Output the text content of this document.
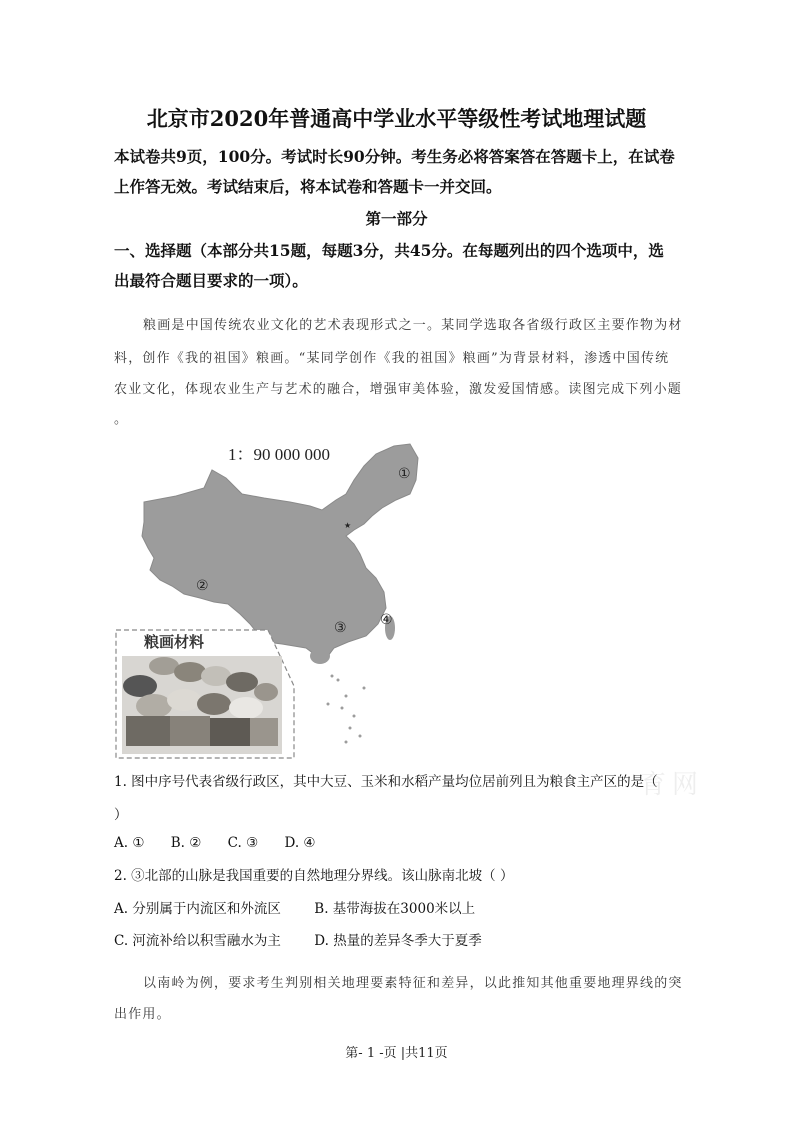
北京市2020年普通高中学业水平等级性考试地理试题
本试卷共9页，100分。考试时长90分钟。考生务必将答案答在答题卡上，在试卷
上作答无效。考试结束后，将本试卷和答题卡一并交回。
第一部分
一、选择题（本部分共15题，每题3分，共45分。在每题列出的四个选项中，选
出最符合题目要求的一项）。
粮画是中国传统农业文化的艺术表现形式之一。某同学选取各省级行政区主要作物为材
料，创作《我的祖国》粮画。“某同学创作《我的祖国》粮画”为背景材料，渗透中国传统
农业文化，体现农业生产与艺术的融合，增强审美体验，激发爱国情感。读图完成下列小题
。
1：90 000 000
★
①
②
③ ④
粮画材料
育网
1. 图中序号代表省级行政区，其中大豆、玉米和水稻产量均位居前列且为粮食主产区的是（
）
A. ① B. ② C. ③ D. ④
2. ③北部的山脉是我国重要的自然地理分界线。该山脉南北坡（ ）
A. 分别属于内流区和外流区 B. 基带海拔在3000米以上
C. 河流补给以积雪融水为主 D. 热量的差异冬季大于夏季
以南岭为例，要求考生判别相关地理要素特征和差异，以此推知其他重要地理界线的突
出作用。
第- 1 -页 |共11页
